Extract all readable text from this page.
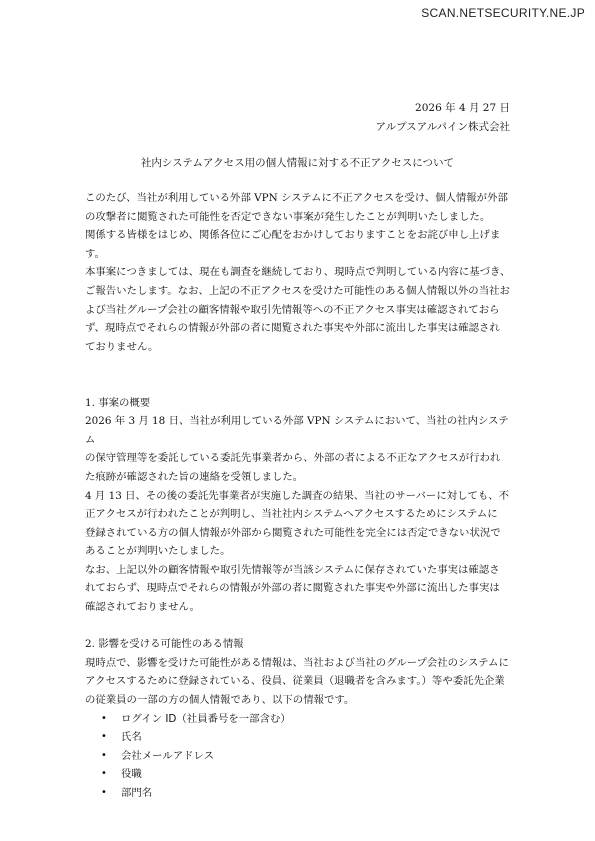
SCAN.NETSECURITY.NE.JP
2026 年 4 月 27 日
アルプスアルパイン株式会社
社内システムアクセス用の個人情報に対する不正アクセスについて

このたび、当社が利用している外部 VPN システムに不正アクセスを受け、個人情報が外部

の攻撃者に閲覧された可能性を否定できない事案が発生したことが判明いたしました。

関係する皆様をはじめ、関係各位にご心配をおかけしておりますことをお詫び申し上げま

す。

本事案につきましては、現在も調査を継続しており、現時点で判明している内容に基づき、

ご報告いたします。なお、上記の不正アクセスを受けた可能性のある個人情報以外の当社お

よび当社グループ会社の顧客情報や取引先情報等への不正アクセス事実は確認されておら

ず、現時点でそれらの情報が外部の者に閲覧された事実や外部に流出した事実は確認され

ておりません。

1. 事案の概要

2026 年 3 月 18 日、当社が利用している外部 VPN システムにおいて、当社の社内システム

の保守管理等を委託している委託先事業者から、外部の者による不正なアクセスが行われ

た痕跡が確認された旨の連絡を受領しました。

4 月 13 日、その後の委託先事業者が実施した調査の結果、当社のサーバーに対しても、不

正アクセスが行われたことが判明し、当社社内システムへアクセスするためにシステムに

登録されている方の個人情報が外部から閲覧された可能性を完全には否定できない状況で

あることが判明いたしました。

なお、上記以外の顧客情報や取引先情報等が当該システムに保存されていた事実は確認さ

れておらず、現時点でそれらの情報が外部の者に閲覧された事実や外部に流出した事実は

確認されておりません。

2. 影響を受ける可能性のある情報

現時点で、影響を受けた可能性がある情報は、当社および当社のグループ会社のシステムに

アクセスするために登録されている、役員、従業員（退職者を含みます。）等や委託先企業

の従業員の一部の方の個人情報であり、以下の情報です。

• ログイン ID（社員番号を一部含む）
• 氏名
• 会社メールアドレス
• 役職
• 部門名
